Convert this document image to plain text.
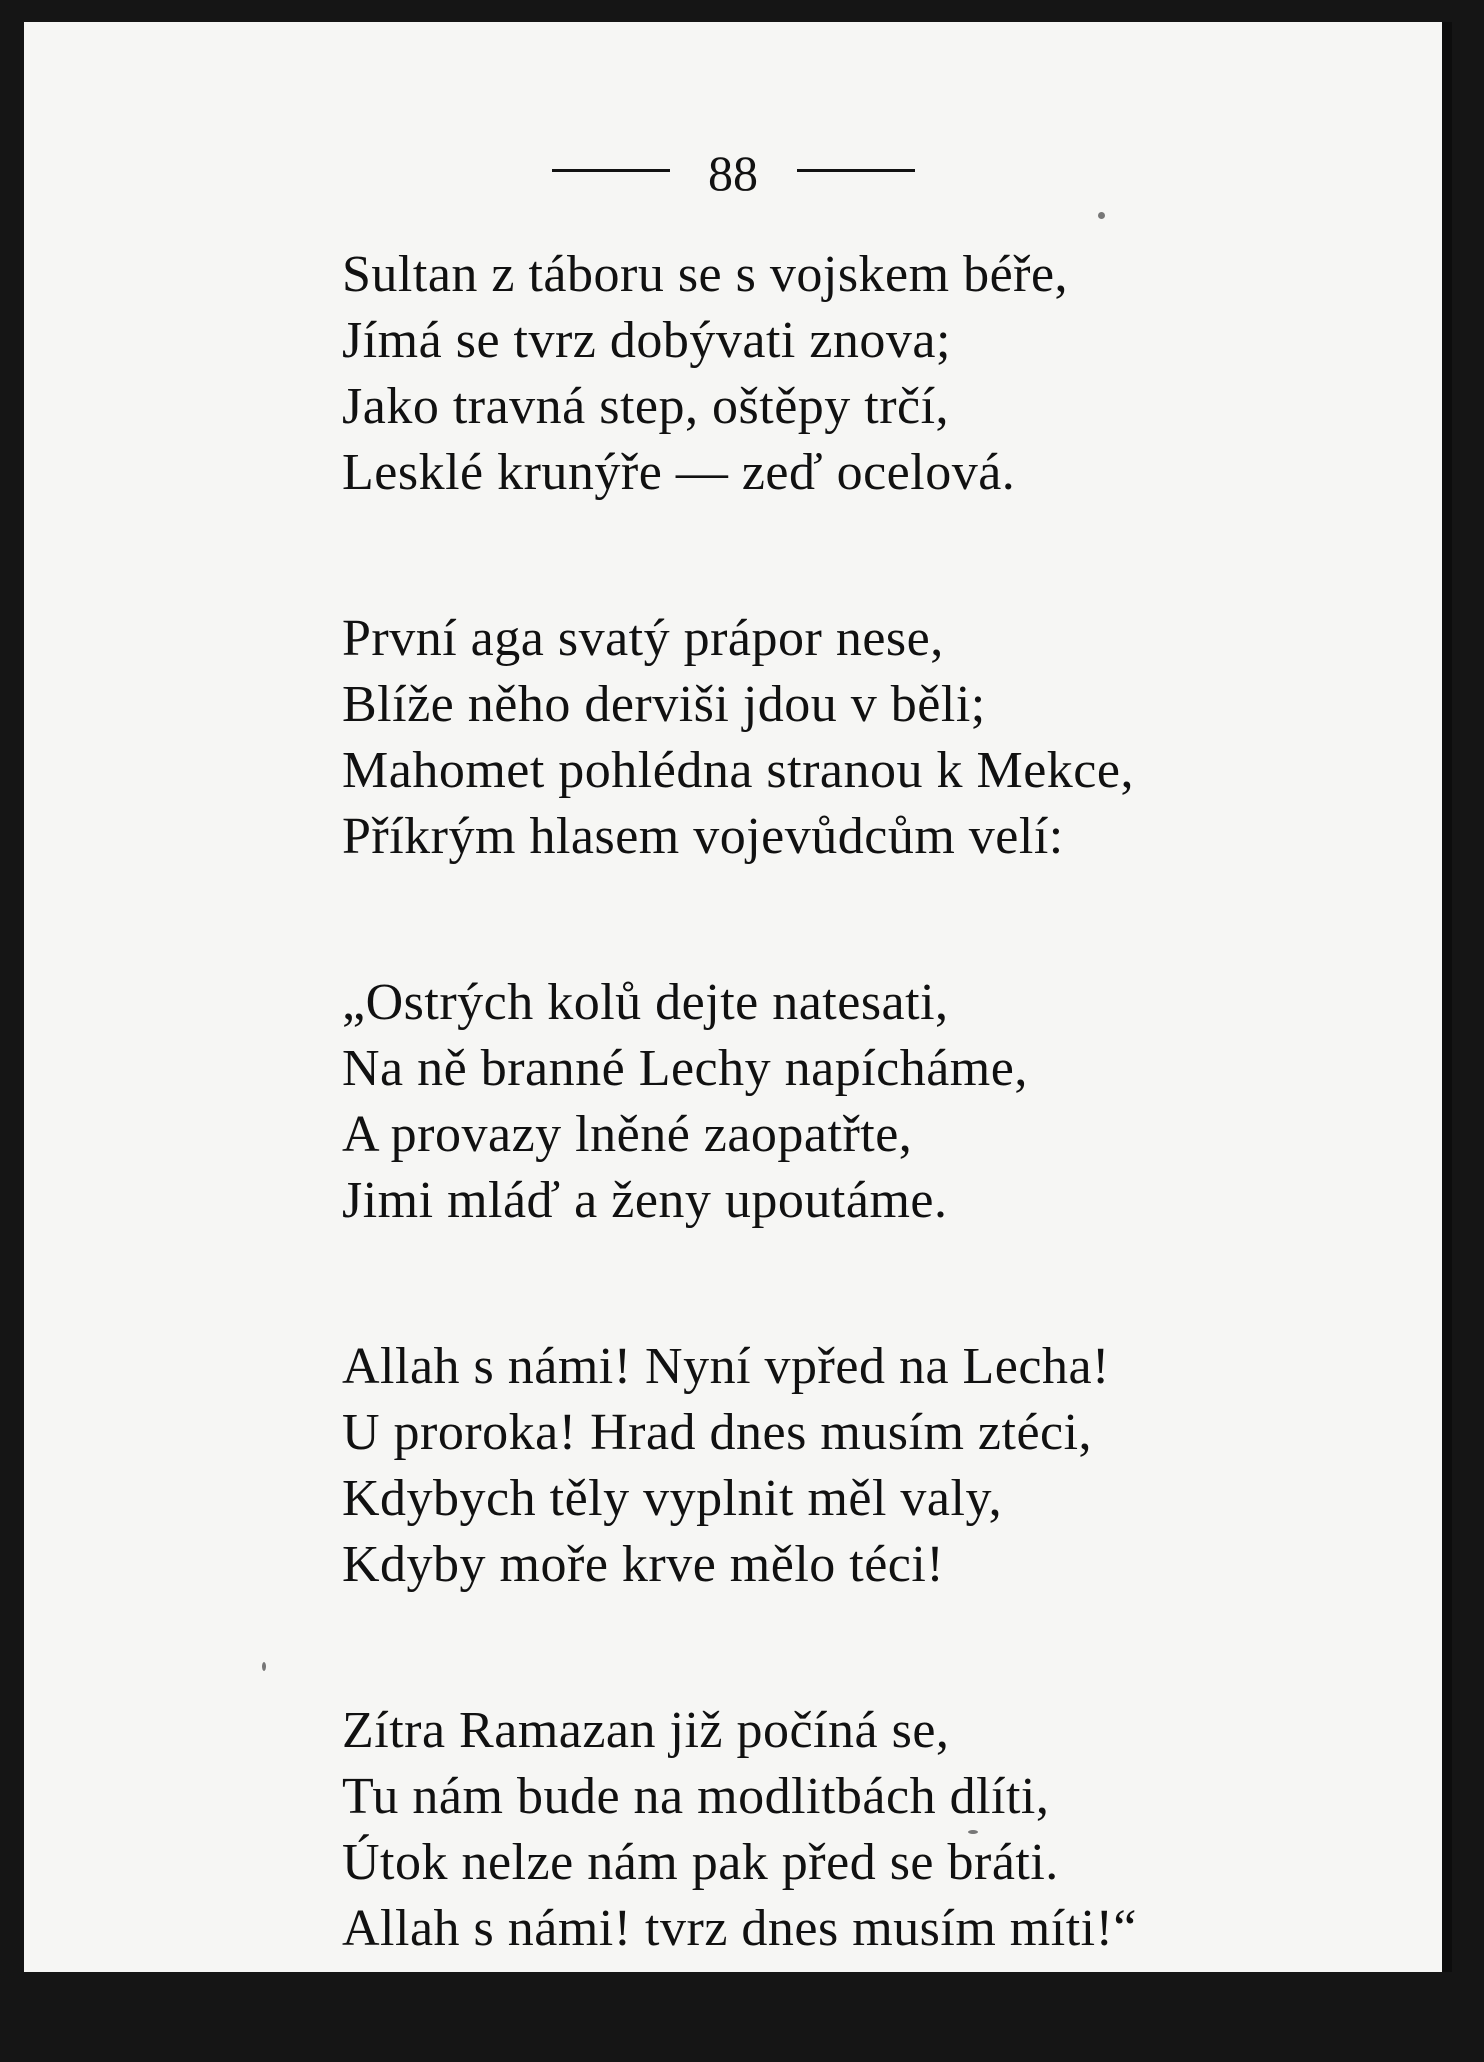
88
Sultan z táboru se s vojskem béře,
Jímá se tvrz dobývati znova;
Jako travná step, oštěpy trčí,
Lesklé krunýře — zeď ocelová.
První aga svatý prápor nese,
Blíže něho derviši jdou v běli;
Mahomet pohlédna stranou k Mekce,
Příkrým hlasem vojevůdcům velí:
„Ostrých kolů dejte natesati,
Na ně branné Lechy napícháme,
A provazy lněné zaopatřte,
Jimi mláď a ženy upoutáme.
Allah s námi! Nyní vpřed na Lecha!
U proroka! Hrad dnes musím ztéci,
Kdybych těly vyplnit měl valy,
Kdyby moře krve mělo téci!
Zítra Ramazan již počíná se,
Tu nám bude na modlitbách dlíti,
Útok nelze nám pak před se bráti.
Allah s námi! tvrz dnes musím míti!“
